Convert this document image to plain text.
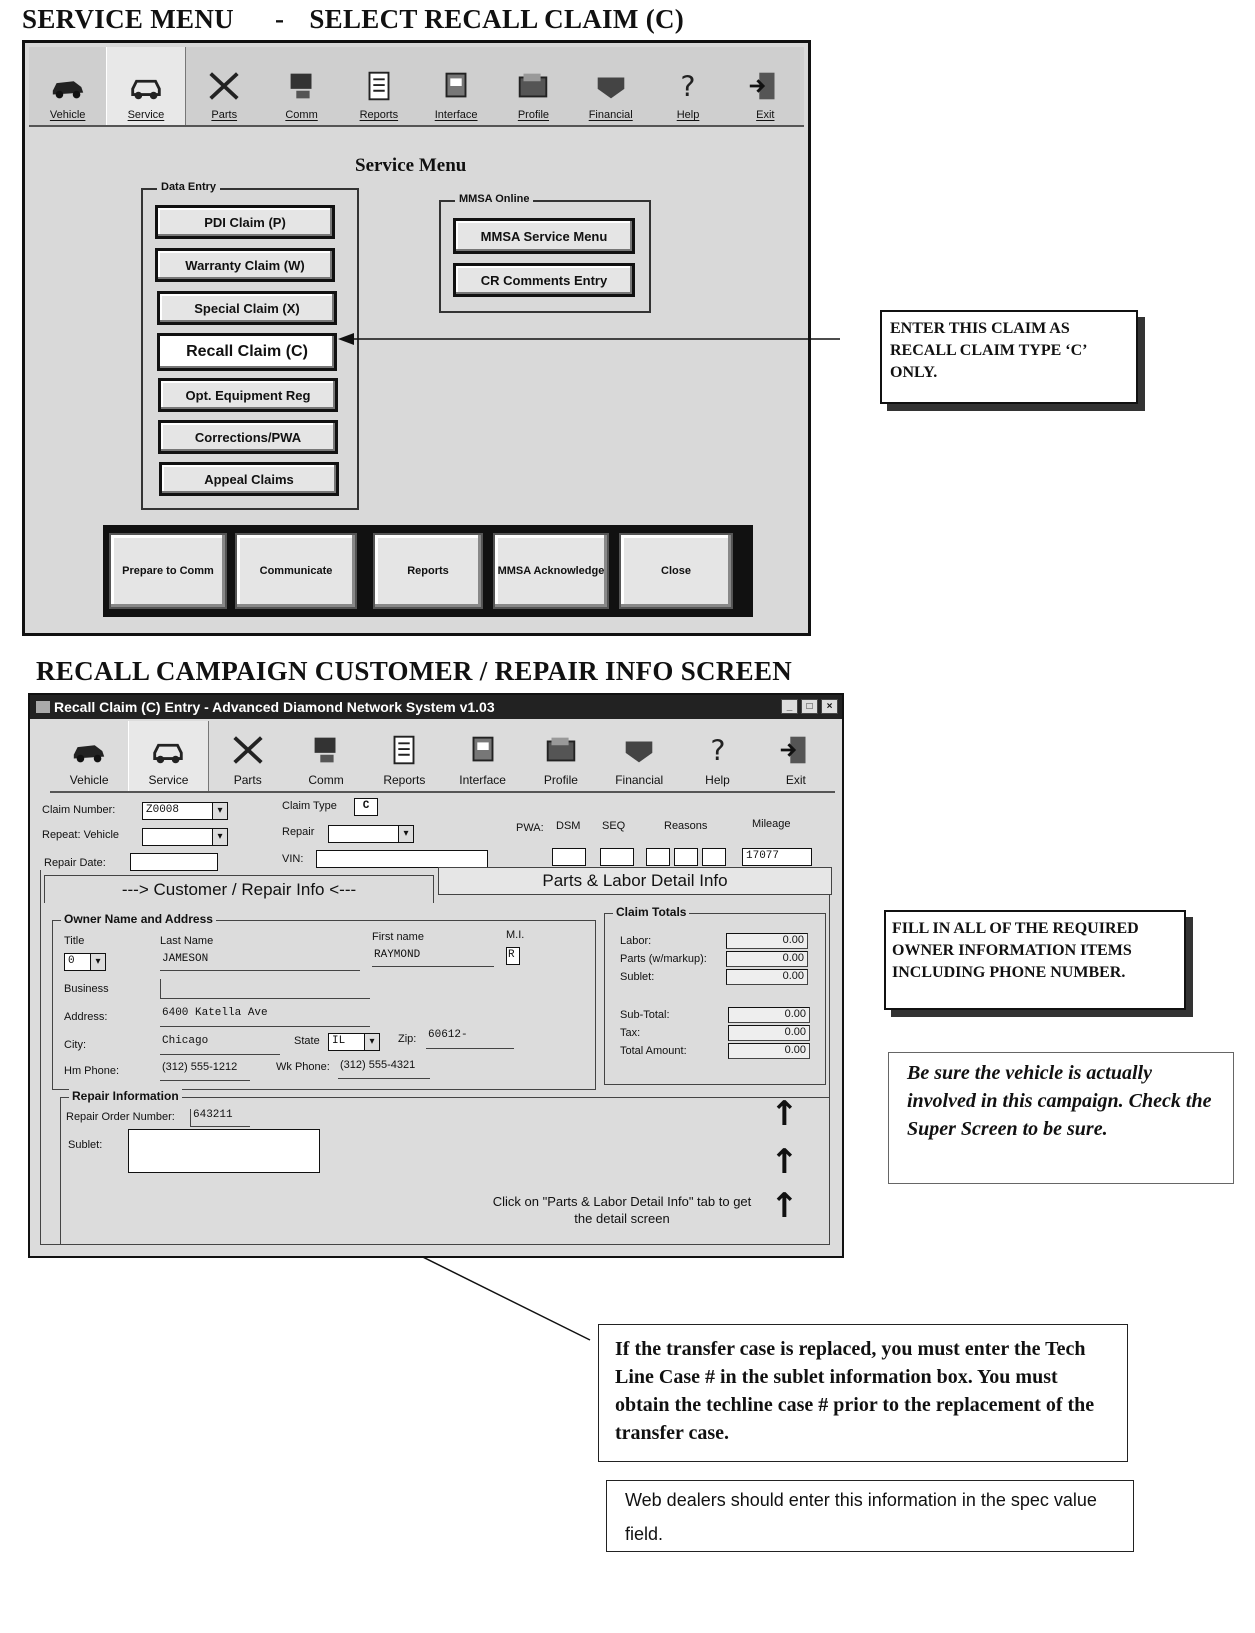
SERVICE MENU - SELECT RECALL CLAIM (C)
Vehicle	Service	Parts	Comm	Reports	Interface	Profile	Financial
?
Help	Exit
Service Menu
Data Entry
PDI Claim (P)
Warranty Claim (W)
Special Claim (X)
Recall Claim (C)
Opt. Equipment Reg
Corrections/PWA
Appeal Claims
MMSA Online
MMSA Service Menu
CR Comments Entry
Prepare to Comm	Communicate	Reports	MMSA Acknowledge	Close
ENTER THIS CLAIM AS RECALL CLAIM TYPE ‘C’ ONLY.
RECALL CAMPAIGN CUSTOMER / REPAIR INFO SCREEN
Recall Claim (C) Entry - Advanced Diamond Network System v1.03	_	□	×
Vehicle	Service	Parts	Comm	Reports	Interface	Profile	Financial
?
Help	Exit
Claim Number:	Z0008 ▾	Claim Type	C
Repeat: Vehicle
▾	Repair
▾
Repair Date:	VIN:
PWA: DSM SEQ	Reasons	Mileage
17077
---> Customer / Repair Info <---	Parts & Labor Detail Info
Owner Name and Address
Title
0 ▾
Last Name
JAMESON
First name
RAYMOND
M.I.
R
Business
Address:	6400 Katella Ave
City:	Chicago	State	IL ▾	Zip: 60612-
Hm Phone:	(312) 555-1212	Wk Phone: (312) 555-4321
Claim Totals
Labor:	0.00
Parts (w/markup):	0.00
Sublet:	0.00
Sub-Total:	0.00
Tax:	0.00
Total Amount:	0.00
Repair Information
Repair Order Number: 643211
Sublet:
↑
↑
↑
Click on "Parts & Labor Detail Info" tab to get the detail screen
FILL IN ALL OF THE REQUIRED OWNER INFORMATION ITEMS INCLUDING PHONE NUMBER.
Be sure the vehicle is actually involved in this campaign. Check the Super Screen to be sure.
If the transfer case is replaced, you must enter the Tech Line Case # in the sublet information box. You must obtain the techline case # prior to the replacement of the transfer case.
Web dealers should enter this information in the spec value field.
